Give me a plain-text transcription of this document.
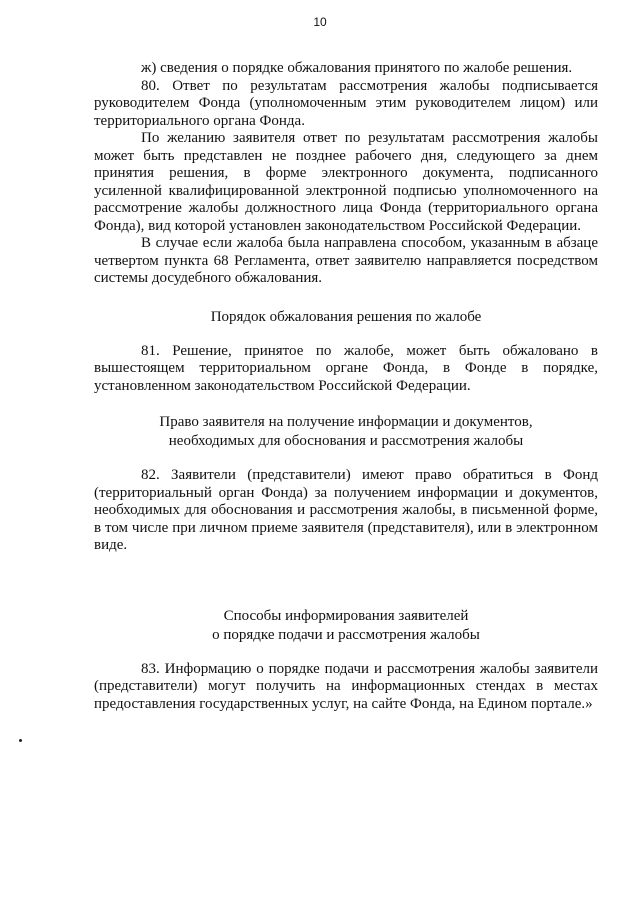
10

ж) сведения о порядке обжалования принятого по жалобе решения.

80. Ответ по результатам рассмотрения жалобы подписывается руководителем Фонда (уполномоченным этим руководителем лицом) или территориального органа Фонда.

По желанию заявителя ответ по результатам рассмотрения жалобы может быть представлен не позднее рабочего дня, следующего за днем принятия решения, в форме электронного документа, подписанного усиленной квалифицированной электронной подписью уполномоченного на рассмотрение жалобы должностного лица Фонда (территориального органа Фонда), вид которой установлен законодательством Российской Федерации.

В случае если жалоба была направлена способом, указанным в абзаце четвертом пункта 68 Регламента, ответ заявителю направляется посредством системы досудебного обжалования.

Порядок обжалования решения по жалобе

81. Решение, принятое по жалобе, может быть обжаловано в вышестоящем территориальном органе Фонда, в Фонде в порядке, установленном законодательством Российской Федерации.

Право заявителя на получение информации и документов,
необходимых для обоснования и рассмотрения жалобы

82. Заявители (представители) имеют право обратиться в Фонд (территориальный орган Фонда) за получением информации и документов, необходимых для обоснования и рассмотрения жалобы, в письменной форме, в том числе при личном приеме заявителя (представителя), или в электронном виде.

Способы информирования заявителей
о порядке подачи и рассмотрения жалобы

83. Информацию о порядке подачи и рассмотрения жалобы заявители (представители) могут получить на информационных стендах в местах предоставления государственных услуг, на сайте Фонда, на Едином портале.»
